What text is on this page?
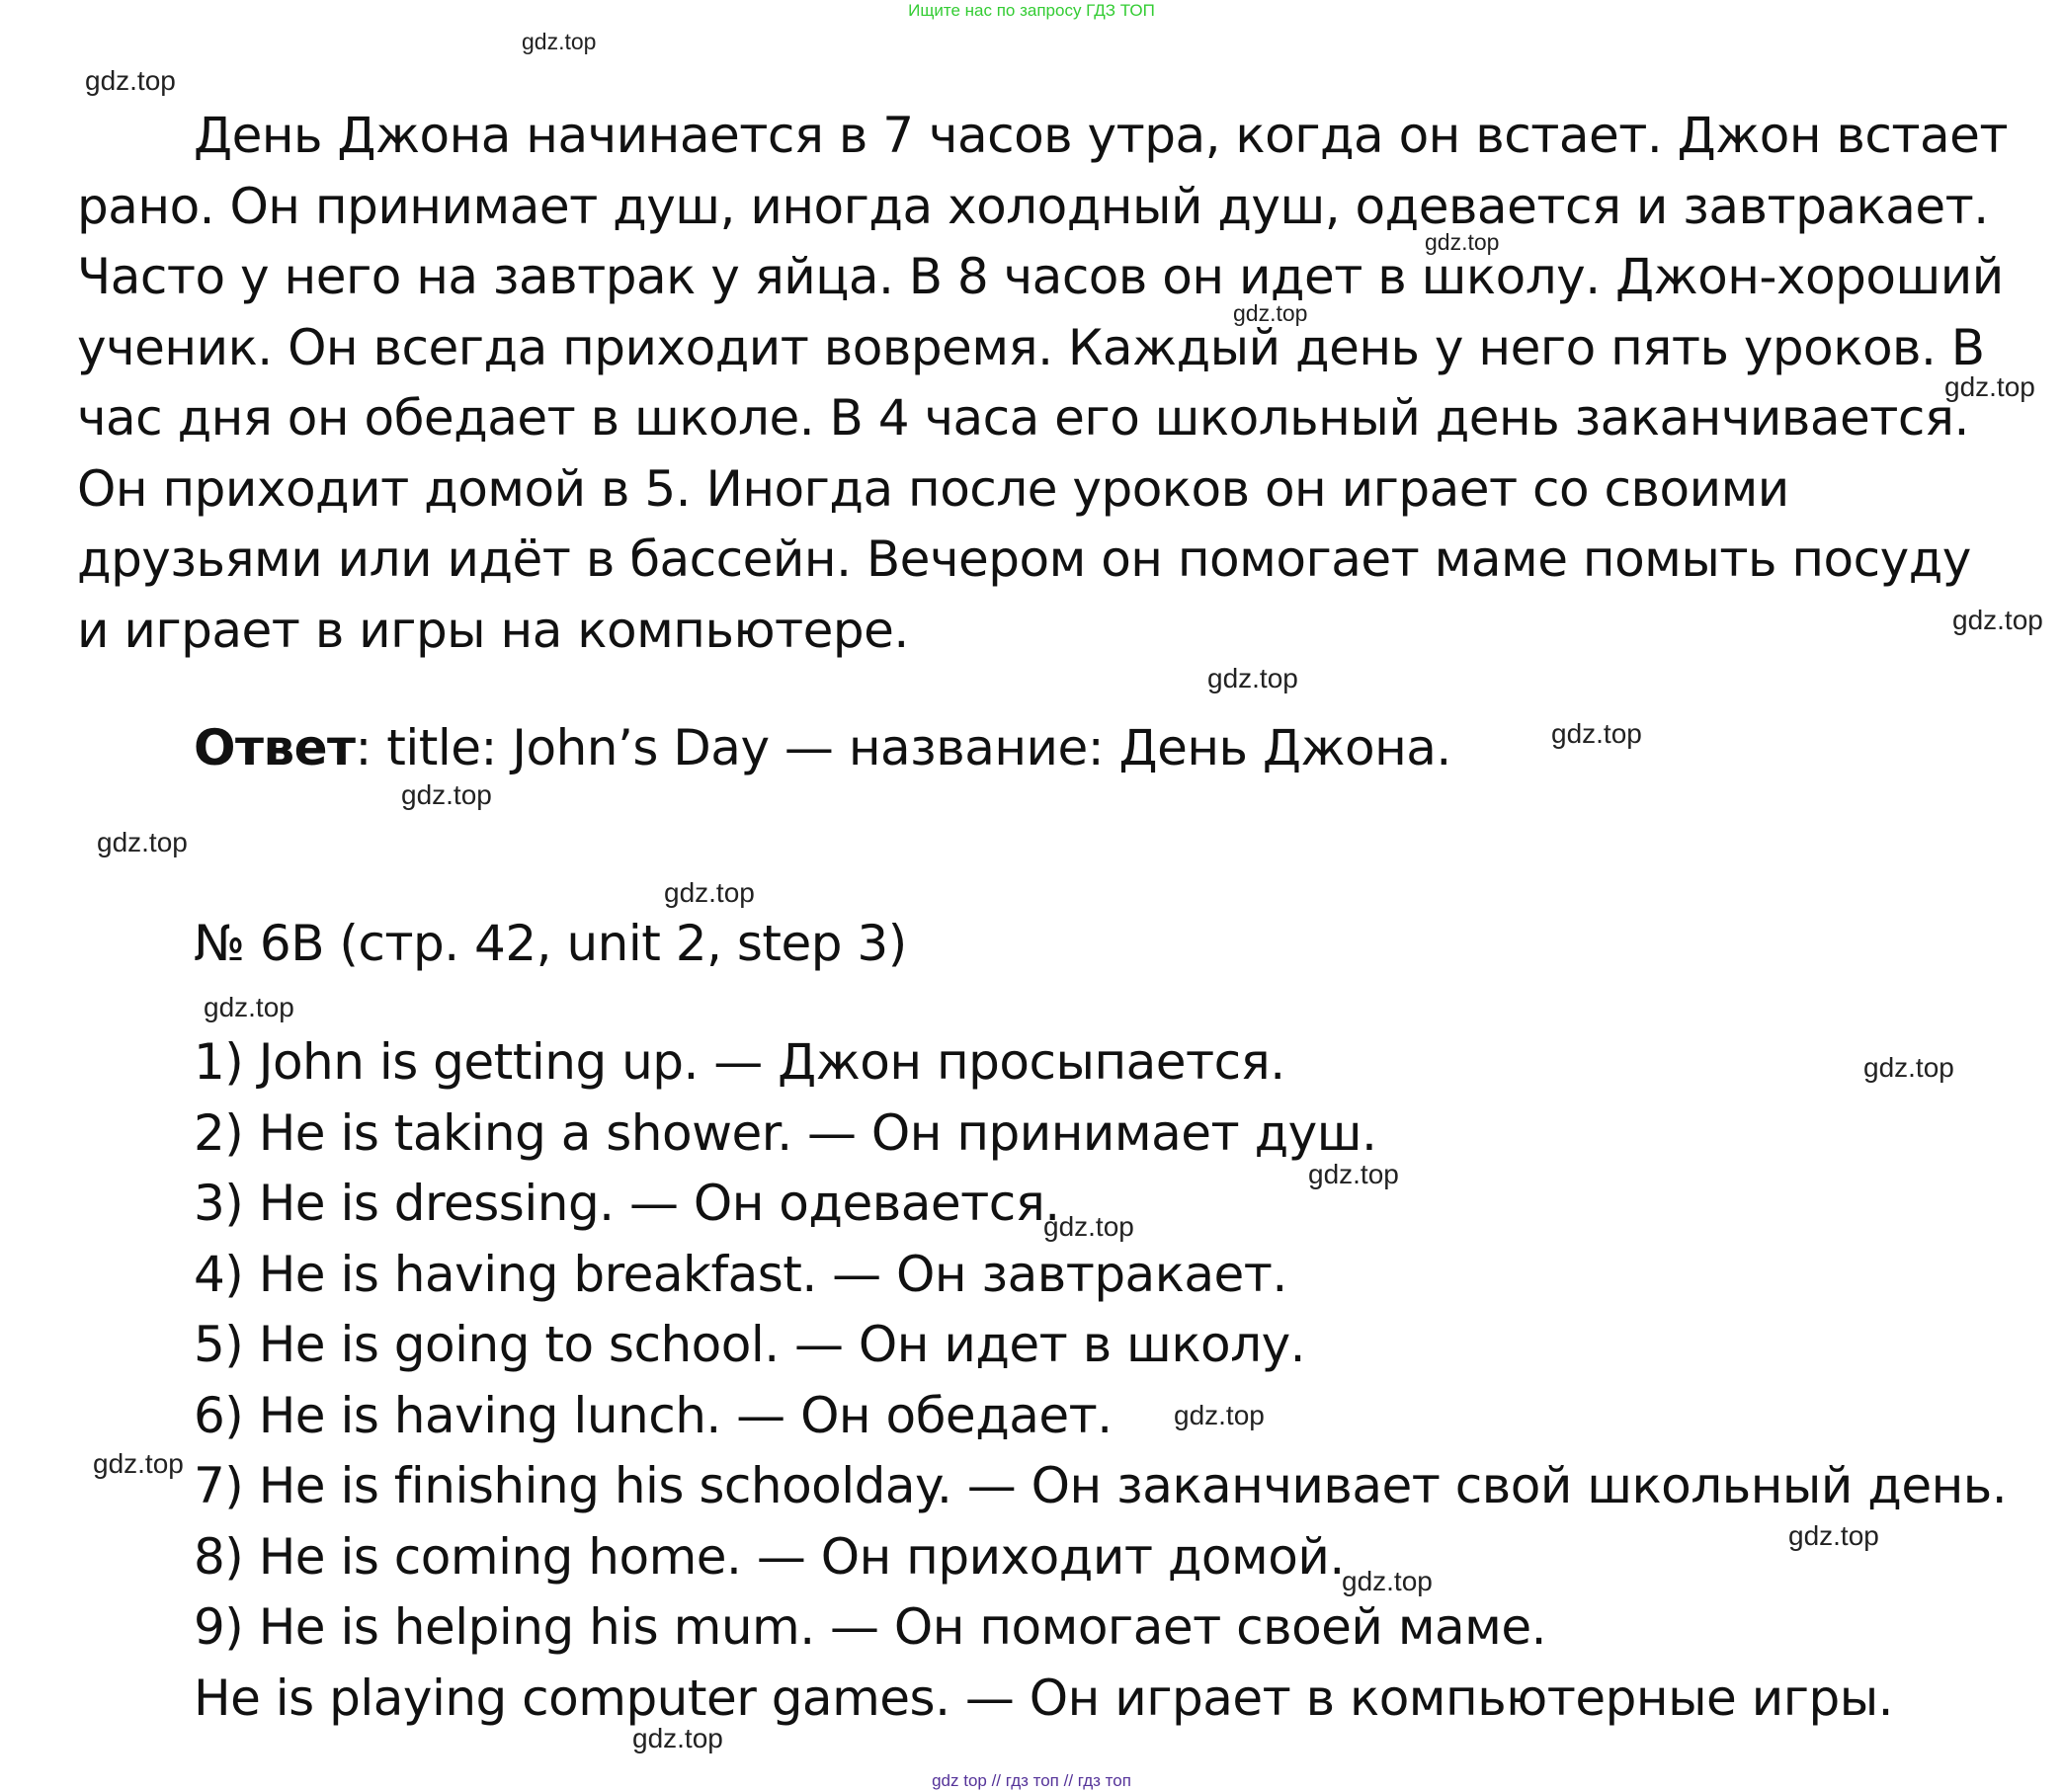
Ищите нас по запросу ГДЗ ТОП
День Джона начинается в 7 часов утра, когда он встает. Джон встает рано. Он принимает душ, иногда холодный душ, одевается и завтракает. Часто у него на завтрак у яйца. В 8 часов он идет в школу. Джон-хороший ученик. Он всегда приходит вовремя. Каждый день у него пять уроков. В час дня он обедает в школе. В 4 часа его школьный день заканчивается. Он приходит домой в 5. Иногда после уроков он играет со своими друзьями или идёт в бассейн. Вечером он помогает маме помыть посуду и играет в игры на компьютере.
Ответ: title: John’s Day — название: День Джона.
№ 6B (стр. 42, unit 2, step 3)
1) John is getting up. — Джон просыпается.
2) He is taking a shower. — Он принимает душ.
3) He is dressing. — Он одевается.
4) He is having breakfast. — Он завтракает.
5) He is going to school. — Он идет в школу.
6) He is having lunch. — Он обедает.
7) He is finishing his schoolday. — Он заканчивает свой школьный день.
8) He is coming home. — Он приходит домой.
9) He is helping his mum. — Он помогает своей маме.
He is playing computer games. — Он играет в компьютерные игры.
gdz.top
gdz.top
gdz.top
gdz.top
gdz.top
gdz.top
gdz.top
gdz.top
gdz.top
gdz.top
gdz.top
gdz.top
gdz.top
gdz.top
gdz.top
gdz.top
gdz.top
gdz.top
gdz.top
gdz.top
gdz top // гдз топ // гдз топ
